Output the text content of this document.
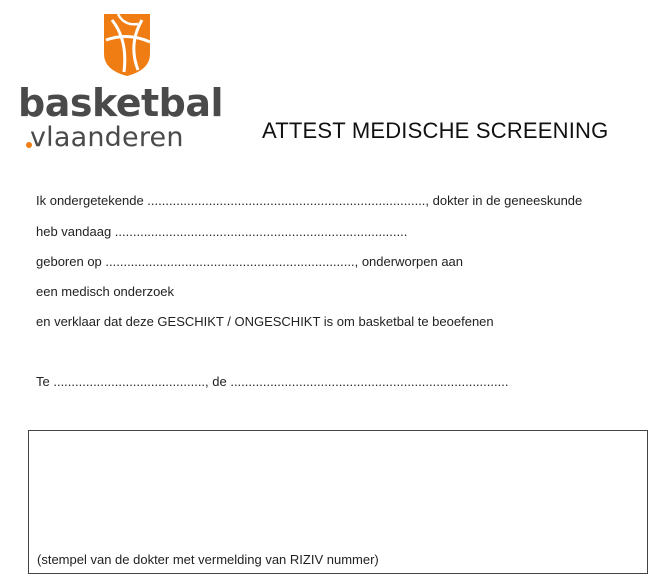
basketbal
vlaanderen	ATTEST MEDISCHE SCREENING
Ik ondergetekende ............................................................................., dokter in de geneeskunde
heb vandaag .................................................................................
geboren op ....................................................................., onderworpen aan
een medisch onderzoek
en verklaar dat deze GESCHIKT / ONGESCHIKT is om basketbal te beoefenen
Te .........................................., de .............................................................................
(stempel van de dokter met vermelding van RIZIV nummer)
